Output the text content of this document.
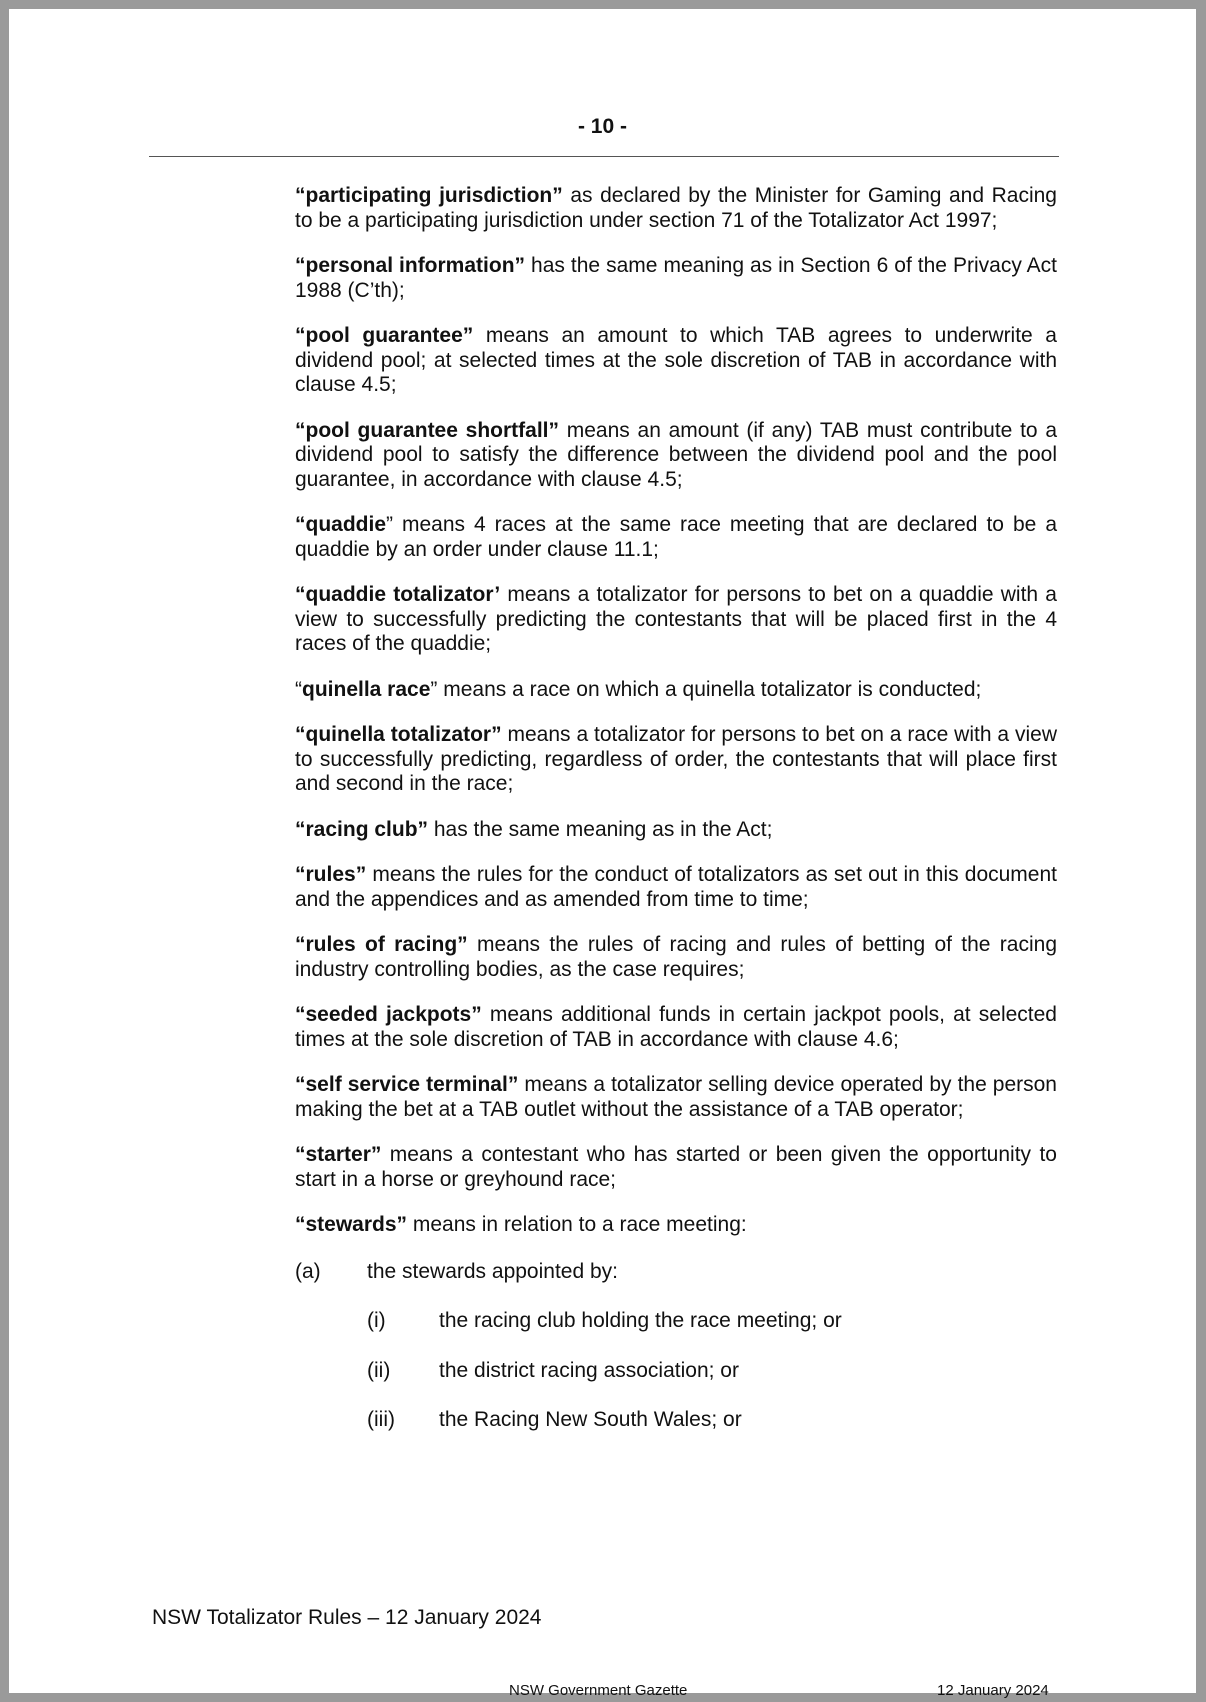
- 10 -

“participating jurisdiction” as declared by the Minister for Gaming and Racing to be a participating jurisdiction under section 71 of the Totalizator Act 1997;

“personal information” has the same meaning as in Section 6 of the Privacy Act 1988 (C’th);

“pool guarantee” means an amount to which TAB agrees to underwrite a dividend pool; at selected times at the sole discretion of TAB in accordance with clause 4.5;

“pool guarantee shortfall” means an amount (if any) TAB must contribute to a dividend pool to satisfy the difference between the dividend pool and the pool guarantee, in accordance with clause 4.5;

“quaddie” means 4 races at the same race meeting that are declared to be a quaddie by an order under clause 11.1;

“quaddie totalizator’ means a totalizator for persons to bet on a quaddie with a view to successfully predicting the contestants that will be placed first in the 4 races of the quaddie;

“quinella race” means a race on which a quinella totalizator is conducted;

“quinella totalizator” means a totalizator for persons to bet on a race with a view to successfully predicting, regardless of order, the contestants that will place first and second in the race;

“racing club” has the same meaning as in the Act;

“rules” means the rules for the conduct of totalizators as set out in this document and the appendices and as amended from time to time;

“rules of racing” means the rules of racing and rules of betting of the racing industry controlling bodies, as the case requires;

“seeded jackpots” means additional funds in certain jackpot pools, at selected times at the sole discretion of TAB in accordance with clause 4.6;

“self service terminal” means a totalizator selling device operated by the person making the bet at a TAB outlet without the assistance of a TAB operator;

“starter” means a contestant who has started or been given the opportunity to start in a horse or greyhound race;

“stewards” means in relation to a race meeting:

(a) the stewards appointed by:
(i)	the racing club holding the race meeting; or
(ii) the district racing association; or
(iii) the Racing New South Wales; or
NSW Totalizator Rules – 12 January 2024
NSW Government Gazette	12 January 2024
